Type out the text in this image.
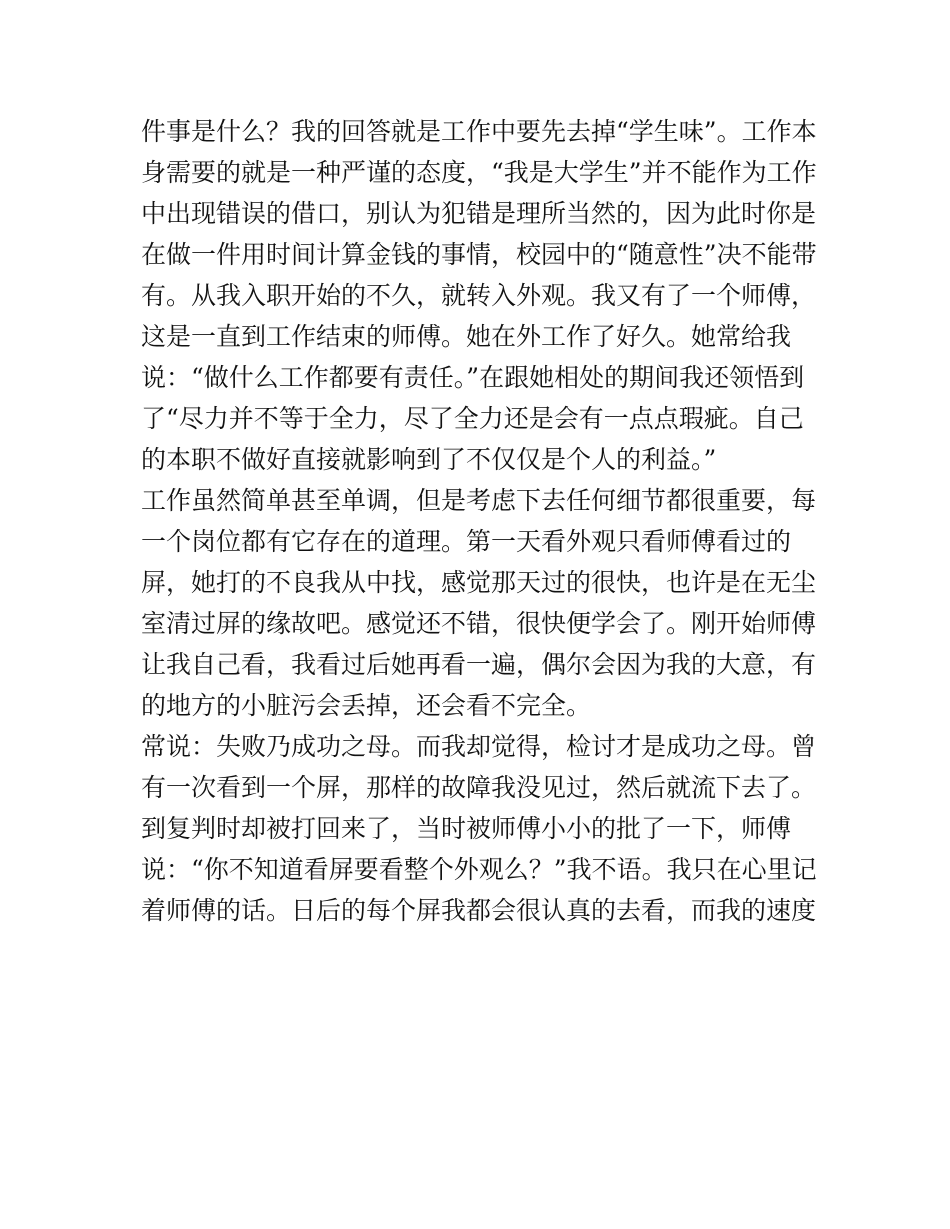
件事是什么？我的回答就是工作中要先去掉“学生味”。工作本
身需要的就是一种严谨的态度，“我是大学生”并不能作为工作
中出现错误的借口，别认为犯错是理所当然的，因为此时你是
在做一件用时间计算金钱的事情，校园中的“随意性”决不能带
有。从我入职开始的不久，就转入外观。我又有了一个师傅，
这是一直到工作结束的师傅。她在外工作了好久。她常给我
说：“做什么工作都要有责任。”在跟她相处的期间我还领悟到
了“尽力并不等于全力，尽了全力还是会有一点点瑕疵。自己
的本职不做好直接就影响到了不仅仅是个人的利益。”
工作虽然简单甚至单调，但是考虑下去任何细节都很重要，每
一个岗位都有它存在的道理。第一天看外观只看师傅看过的
屏，她打的不良我从中找，感觉那天过的很快，也许是在无尘
室清过屏的缘故吧。感觉还不错，很快便学会了。刚开始师傅
让我自己看，我看过后她再看一遍，偶尔会因为我的大意，有
的地方的小脏污会丢掉，还会看不完全。
常说：失败乃成功之母。而我却觉得，检讨才是成功之母。曾
有一次看到一个屏，那样的故障我没见过，然后就流下去了。
到复判时却被打回来了，当时被师傅小小的批了一下，师傅
说：“你不知道看屏要看整个外观么？”我不语。我只在心里记
着师傅的话。日后的每个屏我都会很认真的去看，而我的速度
